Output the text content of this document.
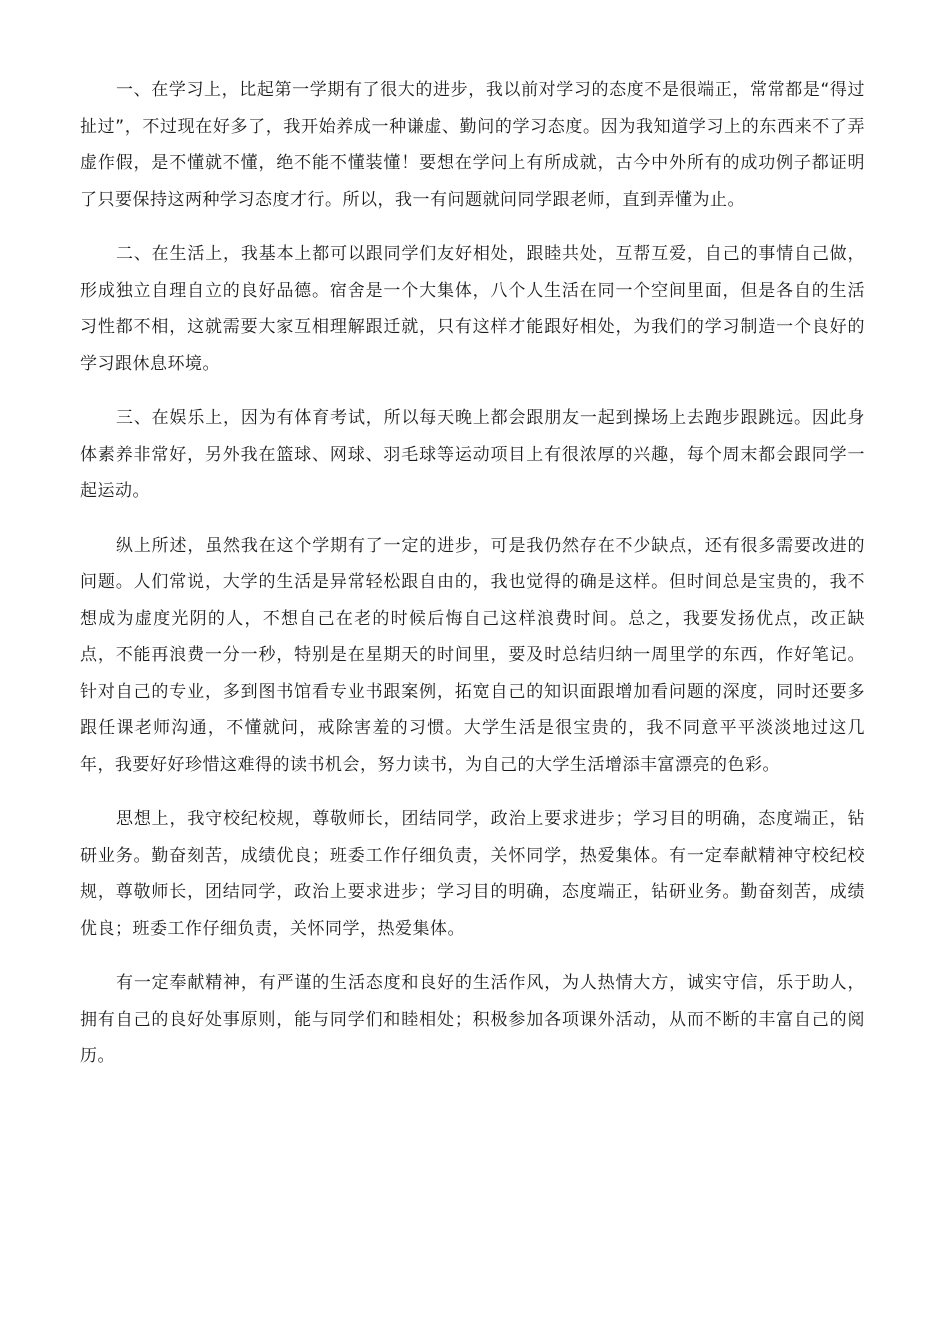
一、在学习上，比起第一学期有了很大的进步，我以前对学习的态度不是很端正，常常都是“得过扯过”，不过现在好多了，我开始养成一种谦虚、勤问的学习态度。因为我知道学习上的东西来不了弄虚作假，是不懂就不懂，绝不能不懂装懂！要想在学问上有所成就，古今中外所有的成功例子都证明了只要保持这两种学习态度才行。所以，我一有问题就问同学跟老师，直到弄懂为止。

二、在生活上，我基本上都可以跟同学们友好相处，跟睦共处，互帮互爱，自己的事情自己做，形成独立自理自立的良好品德。宿舍是一个大集体，八个人生活在同一个空间里面，但是各自的生活习性都不相，这就需要大家互相理解跟迁就，只有这样才能跟好相处，为我们的学习制造一个良好的学习跟休息环境。

三、在娱乐上，因为有体育考试，所以每天晚上都会跟朋友一起到操场上去跑步跟跳远。因此身体素养非常好，另外我在篮球、网球、羽毛球等运动项目上有很浓厚的兴趣，每个周末都会跟同学一起运动。

纵上所述，虽然我在这个学期有了一定的进步，可是我仍然存在不少缺点，还有很多需要改进的问题。人们常说，大学的生活是异常轻松跟自由的，我也觉得的确是这样。但时间总是宝贵的，我不想成为虚度光阴的人，不想自己在老的时候后悔自己这样浪费时间。总之，我要发扬优点，改正缺点，不能再浪费一分一秒，特别是在星期天的时间里，要及时总结归纳一周里学的东西，作好笔记。针对自己的专业，多到图书馆看专业书跟案例，拓宽自己的知识面跟增加看问题的深度，同时还要多跟任课老师沟通，不懂就问，戒除害羞的习惯。大学生活是很宝贵的，我不同意平平淡淡地过这几年，我要好好珍惜这难得的读书机会，努力读书，为自己的大学生活增添丰富漂亮的色彩。

思想上，我守校纪校规，尊敬师长，团结同学，政治上要求进步；学习目的明确，态度端正，钻研业务。勤奋刻苦，成绩优良；班委工作仔细负责，关怀同学，热爱集体。有一定奉献精神守校纪校规，尊敬师长，团结同学，政治上要求进步；学习目的明确，态度端正，钻研业务。勤奋刻苦，成绩优良；班委工作仔细负责，关怀同学，热爱集体。

有一定奉献精神，有严谨的生活态度和良好的生活作风，为人热情大方，诚实守信，乐于助人，拥有自己的良好处事原则，能与同学们和睦相处；积极参加各项课外活动，从而不断的丰富自己的阅历。
